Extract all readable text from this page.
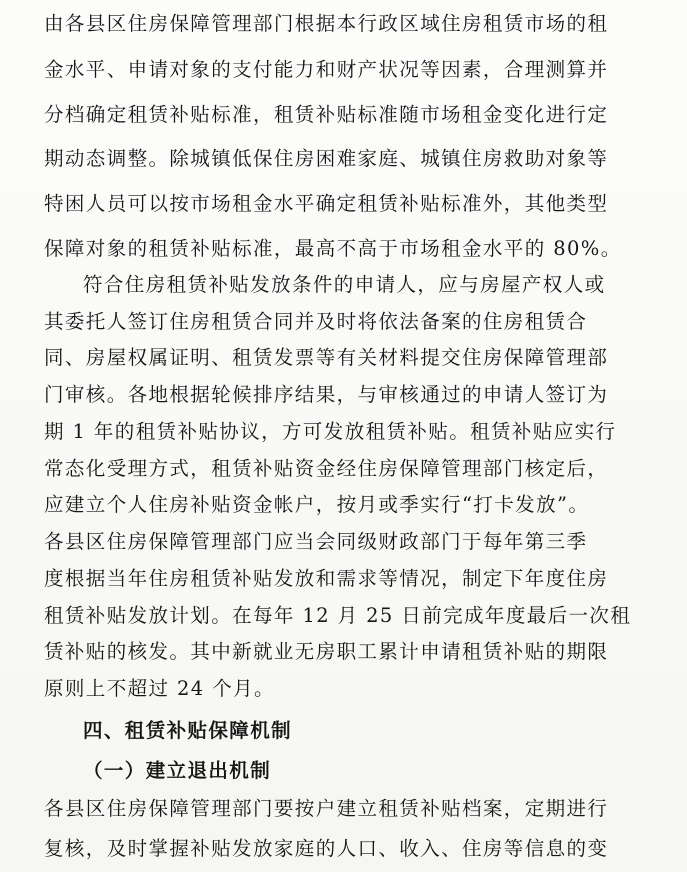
由各县区住房保障管理部门根据本行政区域住房租赁市场的租
金水平、申请对象的支付能力和财产状况等因素，合理测算并
分档确定租赁补贴标准，租赁补贴标准随市场租金变化进行定
期动态调整。除城镇低保住房困难家庭、城镇住房救助对象等
特困人员可以按市场租金水平确定租赁补贴标准外，其他类型
保障对象的租赁补贴标准，最高不高于市场租金水平的 80%。
符合住房租赁补贴发放条件的申请人，应与房屋产权人或
其委托人签订住房租赁合同并及时将依法备案的住房租赁合
同、房屋权属证明、租赁发票等有关材料提交住房保障管理部
门审核。各地根据轮候排序结果，与审核通过的申请人签订为
期 1 年的租赁补贴协议，方可发放租赁补贴。租赁补贴应实行
常态化受理方式，租赁补贴资金经住房保障管理部门核定后，
应建立个人住房补贴资金帐户，按月或季实行“打卡发放”。
各县区住房保障管理部门应当会同级财政部门于每年第三季
度根据当年住房租赁补贴发放和需求等情况，制定下年度住房
租赁补贴发放计划。在每年 12 月 25 日前完成年度最后一次租
赁补贴的核发。其中新就业无房职工累计申请租赁补贴的期限
原则上不超过 24 个月。
四、租赁补贴保障机制
（一）建立退出机制
各县区住房保障管理部门要按户建立租赁补贴档案，定期进行
复核，及时掌握补贴发放家庭的人口、收入、住房等信息的变
